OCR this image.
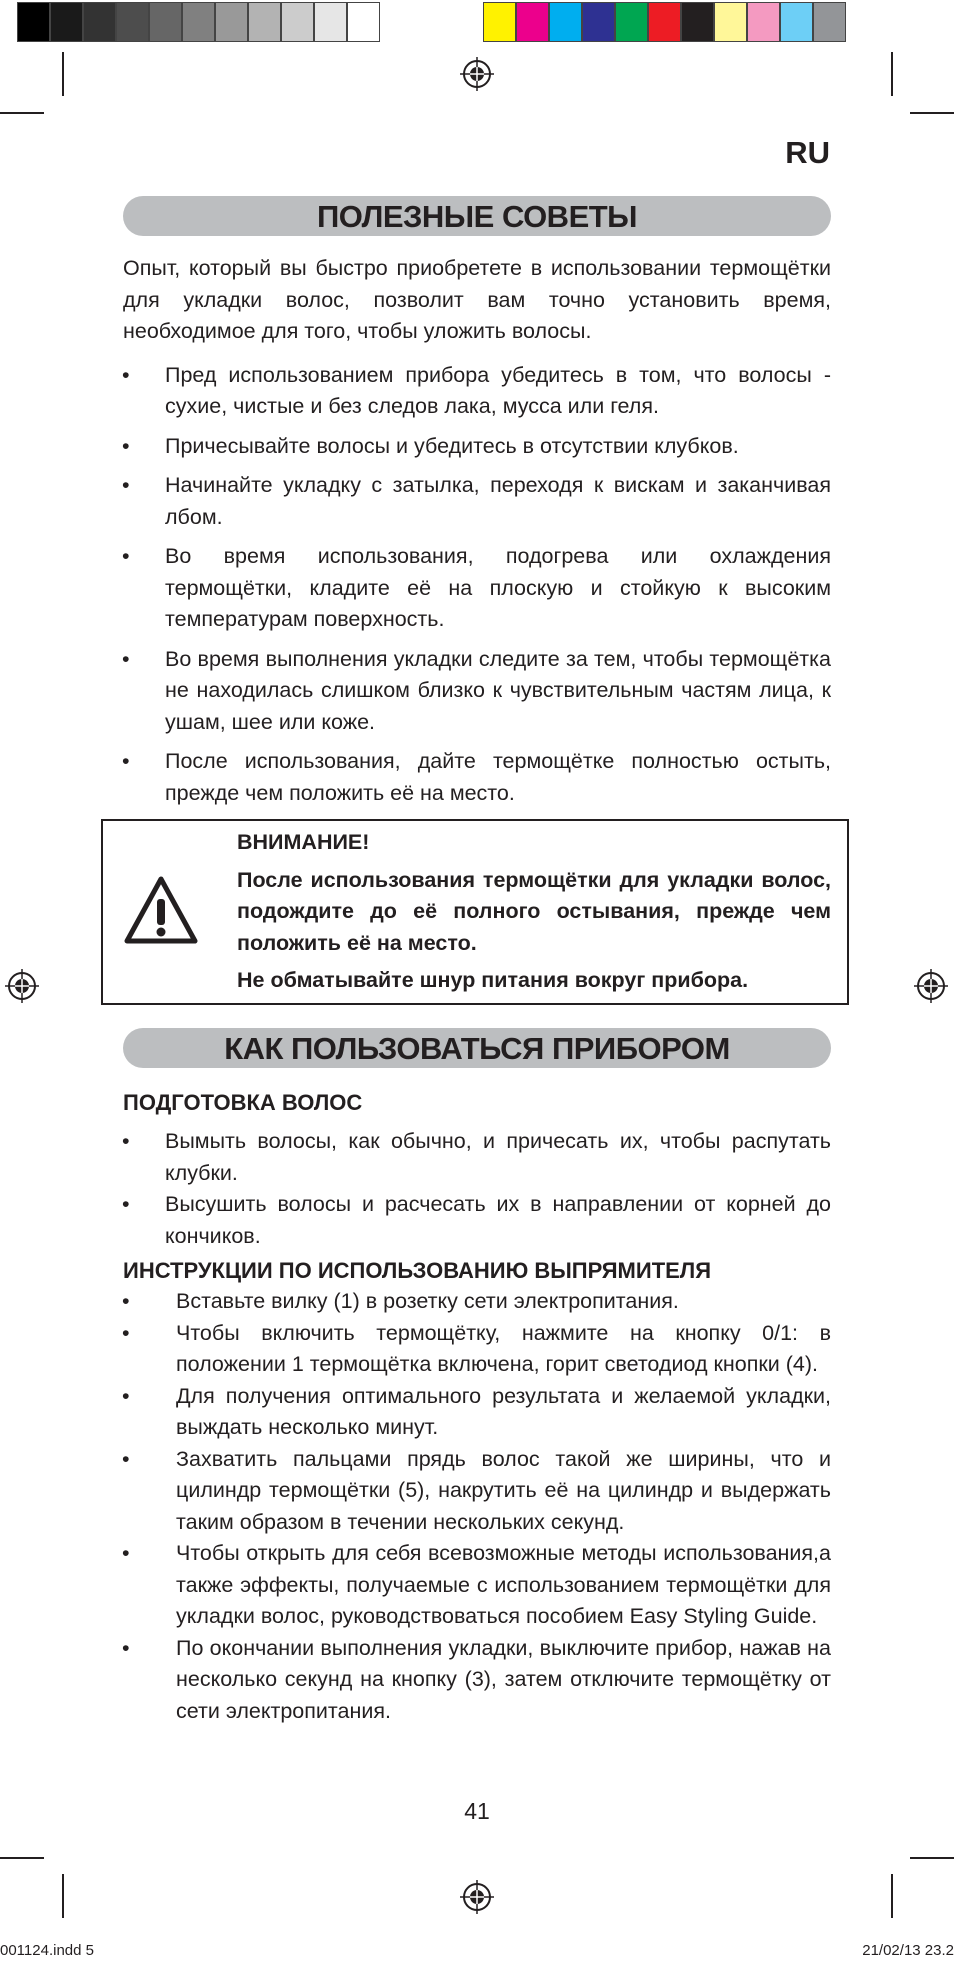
RU
ПОЛЕЗНЫЕ СОВЕТЫ
Опыт, который вы быстро приобретете в использовании термощётки для укладки волос, позволит вам точно установить время, необходимое для того, чтобы уложить волосы.
• Пред использованием прибора убедитесь в том, что волосы - сухие, чистые и без следов лака, мусса или геля.
• Причесывайте волосы и убедитесь в отсутствии клубков.
• Начинайте укладку с затылка, переходя к вискам и заканчивая лбом.
• Во время использования, подогрева или охлаждения термощётки, кладите её на плоскую и стойкую к высоким температурам поверхность.
• Во время выполнения укладки следите за тем, чтобы термощётка не находилась слишком близко к чувствительным частям лица, к ушам, шее или коже.
• После использования, дайте термощётке полностью остыть, прежде чем положить её на место.

ВНИМАНИЕ!

После использования термощётки для укладки волос, подождите до её полного остывания, прежде чем положить её на место.

Не обматывайте шнур питания вокруг прибора.

КАК ПОЛЬЗОВАТЬСЯ ПРИБОРОМ
ПОДГОТОВКА ВОЛОС
• Вымыть волосы, как обычно, и причесать их, чтобы распутать клубки.
• Высушить волосы и расчесать их в направлении от корней до кончиков.
ИНСТРУКЦИИ ПО ИСПОЛЬЗОВАНИЮ ВЫПРЯМИТЕЛЯ
• Вставьте вилку (1) в розетку сети электропитания.
• Чтобы включить термощётку, нажмите на кнопку 0/1: в положении 1 термощётка включена, горит светодиод кнопки (4).
• Для получения оптимального результата и желаемой укладки, выждать несколько минут.
• Захватить пальцами прядь волос такой же ширины, что и цилиндр термощётки (5), накрутить её на цилиндр и выдержать таким образом в течении нескольких секунд.
• Чтобы открыть для себя всевозможные методы использования,а также эффекты, получаемые с использованием термощётки для укладки волос, руководствоваться пособием Easy Styling Guide.
• По окончании выполнения укладки, выключите прибор, нажав на несколько секунд на кнопку (3), затем отключите термощётку от сети электропитания.
41
001124.indd 5	21/02/13 23.2
